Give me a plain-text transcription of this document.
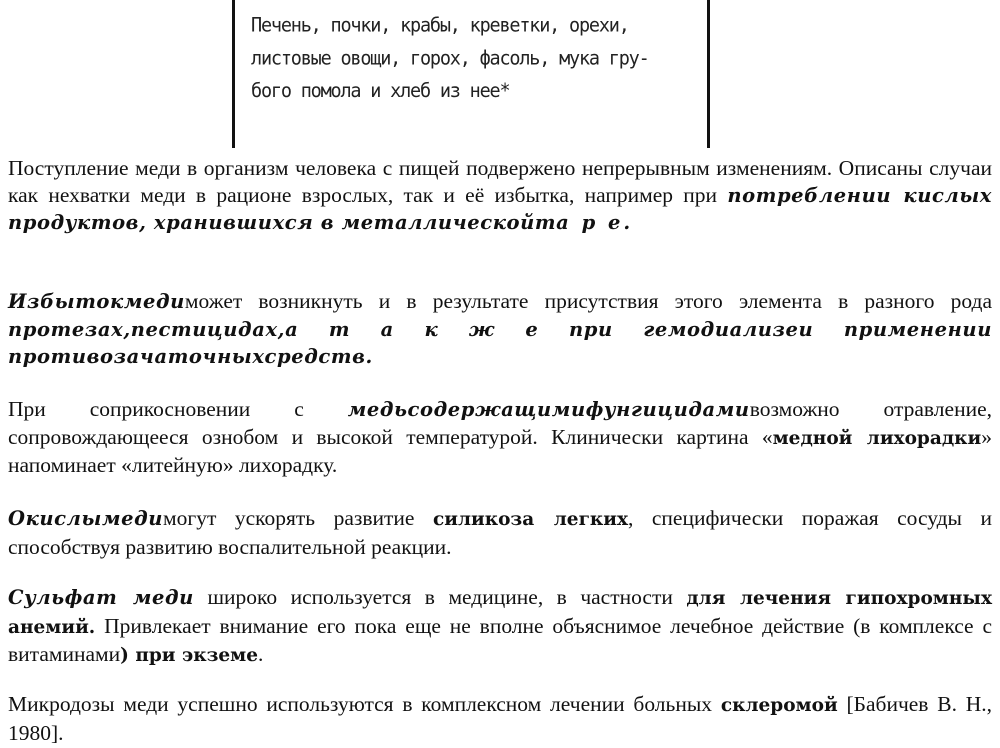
Печень, почки, крабы, креветки, орехи,
листовые овощи, горох, фасоль, мука гру-
бого помола и хлеб из нее*
Поступление меди в организм человека с пищей подвержено непрерывным изменениям. Описаны случаи как нехватки меди в рационе взрослых, так и её избытка, например при потреблении кислых продуктов, хранившихся в металлическойта р е.
Избытокмедиможет возникнуть и в результате присутствия этого элемента в разного рода протезах,пестицидах,а т а к ж е при гемодиализеи применении противозачаточныхсредств.
При соприкосновении с медьсодержащимифунгицидамивозможно отравление, сопровождающееся ознобом и высокой температурой. Клинически картина «медной лихорадки» напоминает «литейную» лихорадку.
Окислымедимогут ускорять развитие силикоза легких, специфически поражая сосуды и способствуя развитию воспалительной реакции.
Сульфат меди широко используется в медицине, в частности для лечения гипохромных анемий. Привлекает внимание его пока еще не вполне объяснимое лечебное действие (в комплексе с витаминами) при экземе.
Микродозы меди успешно используются в комплексном лечении больных склеромой [Бабичев В. Н., 1980].
